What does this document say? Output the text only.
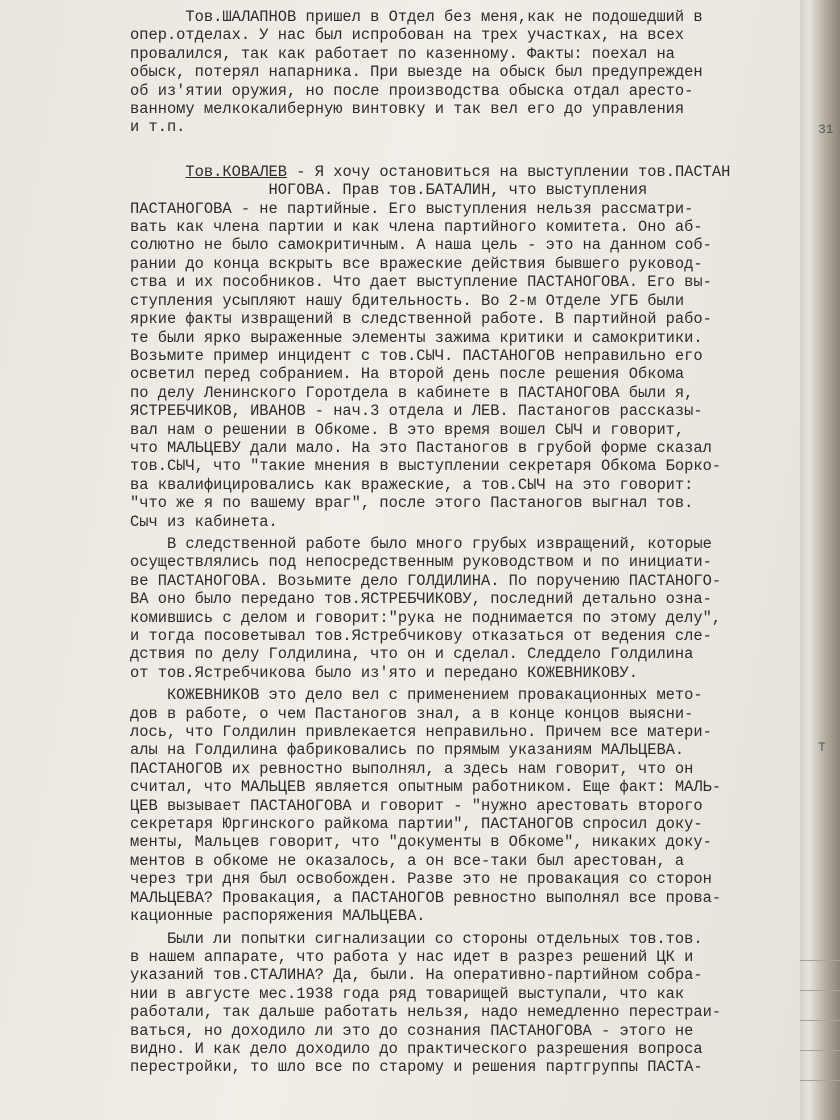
Тов.ШАЛАПНОВ пришел в Отдел без меня,как не подошедший в
опер.отделах. У нас был испробован на трех участках, на всех
провалился, так как работает по казенному. Факты: поехал на
обыск, потерял напарника. При выезде на обыск был предупрежден
об из'ятии оружия, но после производства обыска отдал аресто-
ванному мелкокалиберную винтовку и так вел его до управления
и т.п.
Тов.КОВАЛЕВ - Я хочу остановиться на выступлении тов.ПАСТАН
НОГОВА. Прав тов.БАТАЛИН, что выступления
ПАСТАНОГОВА - не партийные. Его выступления нельзя рассматри-
вать как члена партии и как члена партийного комитета. Оно аб-
солютно не было самокритичным. А наша цель - это на данном соб-
рании до конца вскрыть все вражеские действия бывшего руковод-
ства и их пособников. Что дает выступление ПАСТАНОГОВА. Его вы-
ступления усыпляют нашу бдительность. Во 2-м Отделе УГБ были
яркие факты извращений в следственной работе. В партийной рабо-
те были ярко выраженные элементы зажима критики и самокритики.
Возьмите пример инцидент с тов.СЫЧ. ПАСТАНОГОВ неправильно его
осветил перед собранием. На второй день после решения Обкома
по делу Ленинского Горотдела в кабинете в ПАСТАНОГОВА были я,
ЯСТРЕБЧИКОВ, ИВАНОВ - нач.3 отдела и ЛЕВ. Пастаногов рассказы-
вал нам о решении в Обкоме. В это время вошел СЫЧ и говорит,
что МАЛЬЦЕВУ дали мало. На это Пастаногов в грубой форме сказал
тов.СЫЧ, что "такие мнения в выступлении секретаря Обкома Борко-
ва квалифицировались как вражеские, а тов.СЫЧ на это говорит:
"что же я по вашему враг", после этого Пастаногов выгнал тов.
Сыч из кабинета.
В следственной работе было много грубых извращений, которые
осуществлялись под непосредственным руководством и по инициати-
ве ПАСТАНОГОВА. Возьмите дело ГОЛДИЛИНА. По поручению ПАСТАНОГО-
ВА оно было передано тов.ЯСТРЕБЧИКОВУ, последний детально озна-
комившись с делом и говорит:"рука не поднимается по этому делу",
и тогда посоветывал тов.Ястребчикову отказаться от ведения сле-
дствия по делу Голдилина, что он и сделал. Следдело Голдилина
от тов.Ястребчикова было из'ято и передано КОЖЕВНИКОВУ.
КОЖЕВНИКОВ это дело вел с применением провакационных мето-
дов в работе, о чем Пастаногов знал, а в конце концов выясни-
лось, что Голдилин привлекается неправильно. Причем все матери-
алы на Голдилина фабриковались по прямым указаниям МАЛЬЦЕВА.
ПАСТАНОГОВ их ревностно выполнял, а здесь нам говорит, что он
считал, что МАЛЬЦЕВ является опытным работником. Еще факт: МАЛЬ-
ЦЕВ вызывает ПАСТАНОГОВА и говорит - "нужно арестовать второго
секретаря Юргинского райкома партии", ПАСТАНОГОВ спросил доку-
менты, Мальцев говорит, что "документы в Обкоме", никаких доку-
ментов в обкоме не оказалось, а он все-таки был арестован, а
через три дня был освобожден. Разве это не провакация со сторон
МАЛЬЦЕВА? Провакация, а ПАСТАНОГОВ ревностно выполнял все прова-
кационные распоряжения МАЛЬЦЕВА.
Были ли попытки сигнализации со стороны отдельных тов.тов.
в нашем аппарате, что работа у нас идет в разрез решений ЦК и
указаний тов.СТАЛИНА? Да, были. На оперативно-партийном собра-
нии в августе мес.1938 года ряд товарищей выступали, что как
работали, так дальше работать нельзя, надо немедленно перестраи-
ваться, но доходило ли это до сознания ПАСТАНОГОВА - этого не
видно. И как дело доходило до практического разрешения вопроса
перестройки, то шло все по старому и решения партгруппы ПАСТА-
31
Т
